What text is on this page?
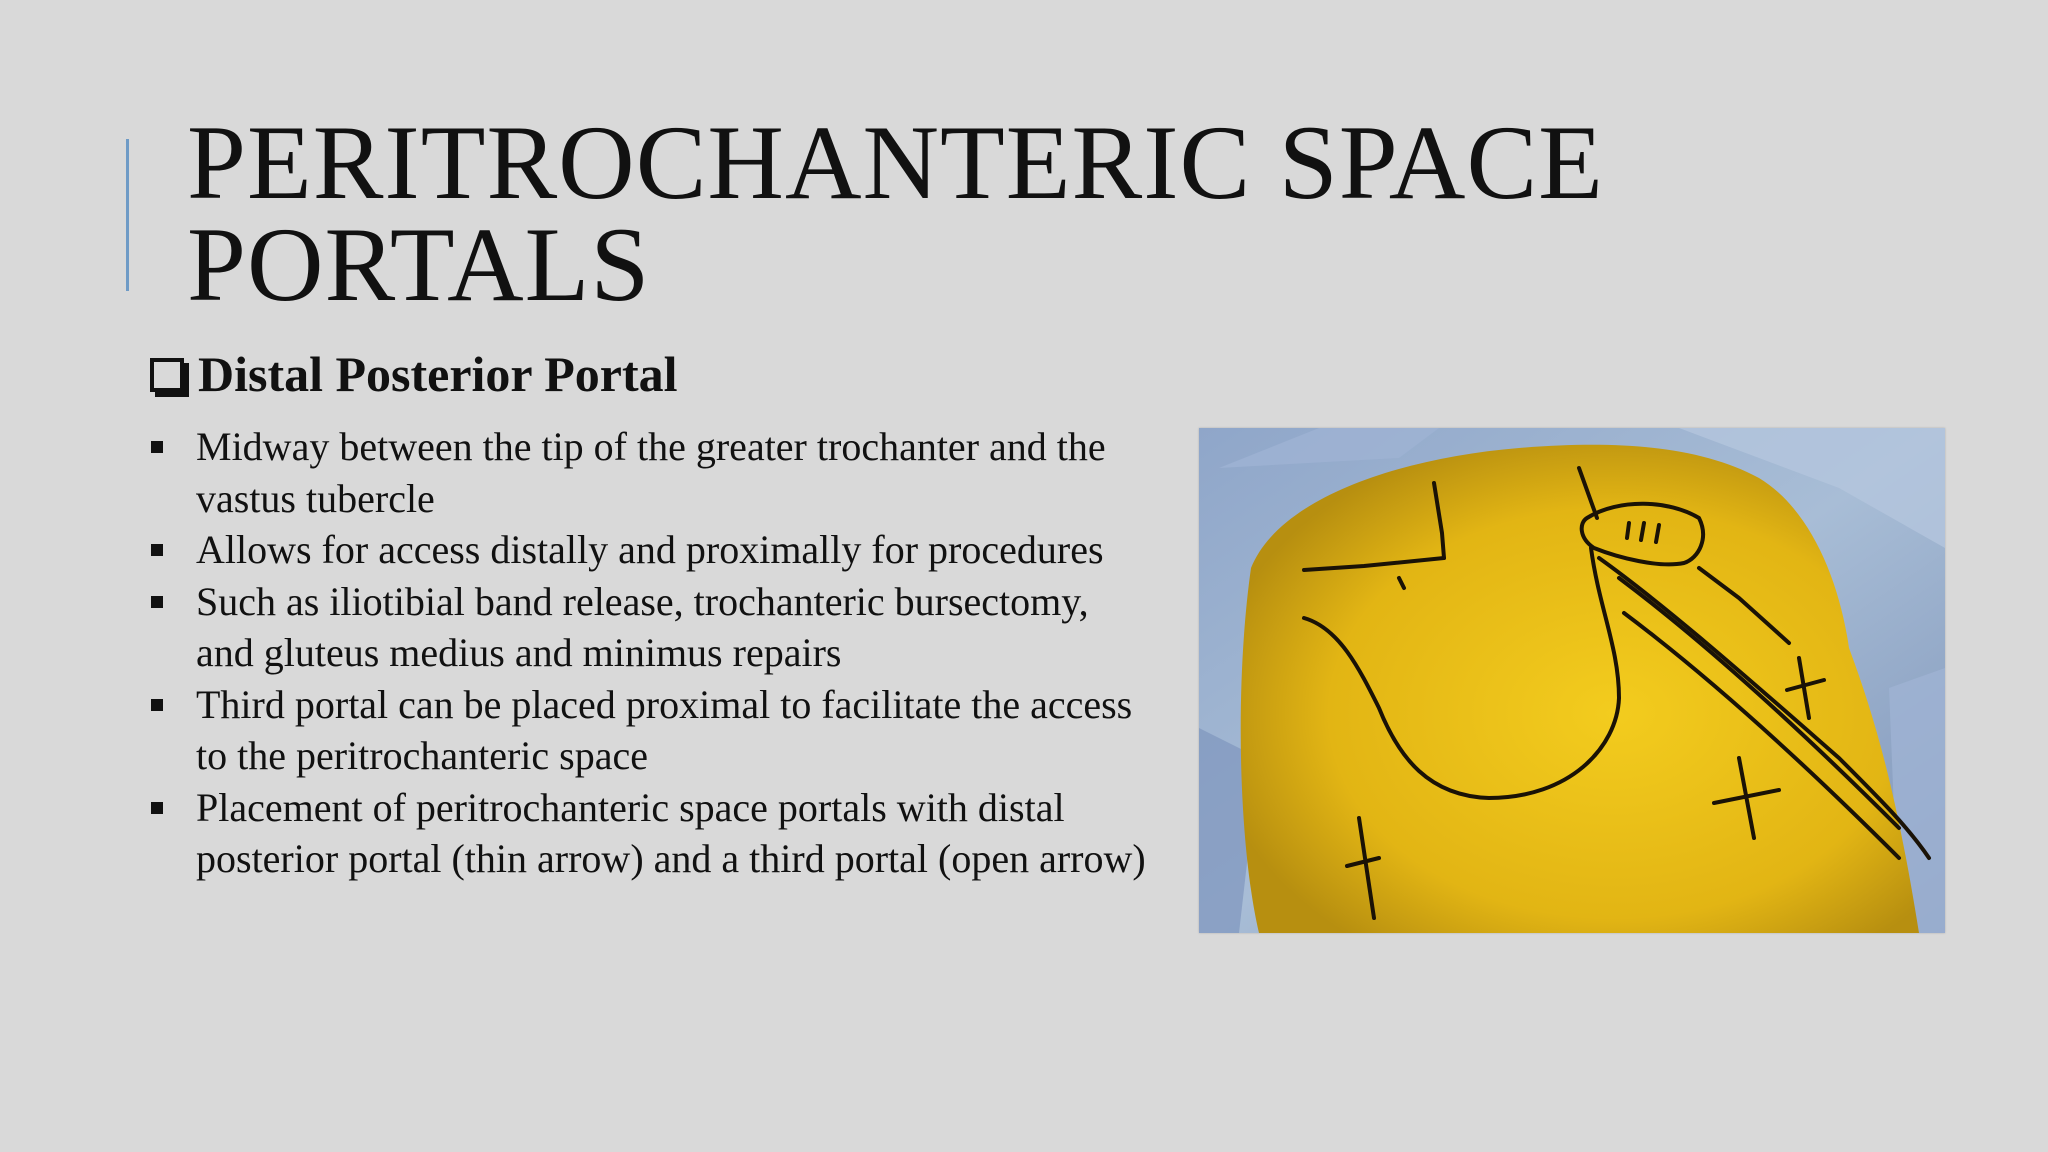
PERITROCHANTERIC SPACE PORTALS
Distal Posterior Portal
Midway between the tip of the greater trochanter and the vastus tubercle
Allows for access distally and proximally for procedures
Such as iliotibial band release, trochanteric bursectomy, and gluteus medius and minimus repairs
Third portal can be placed proximal to facilitate the access to the peritrochanteric space
Placement of peritrochanteric space portals with distal posterior portal (thin arrow) and a third portal (open arrow)
